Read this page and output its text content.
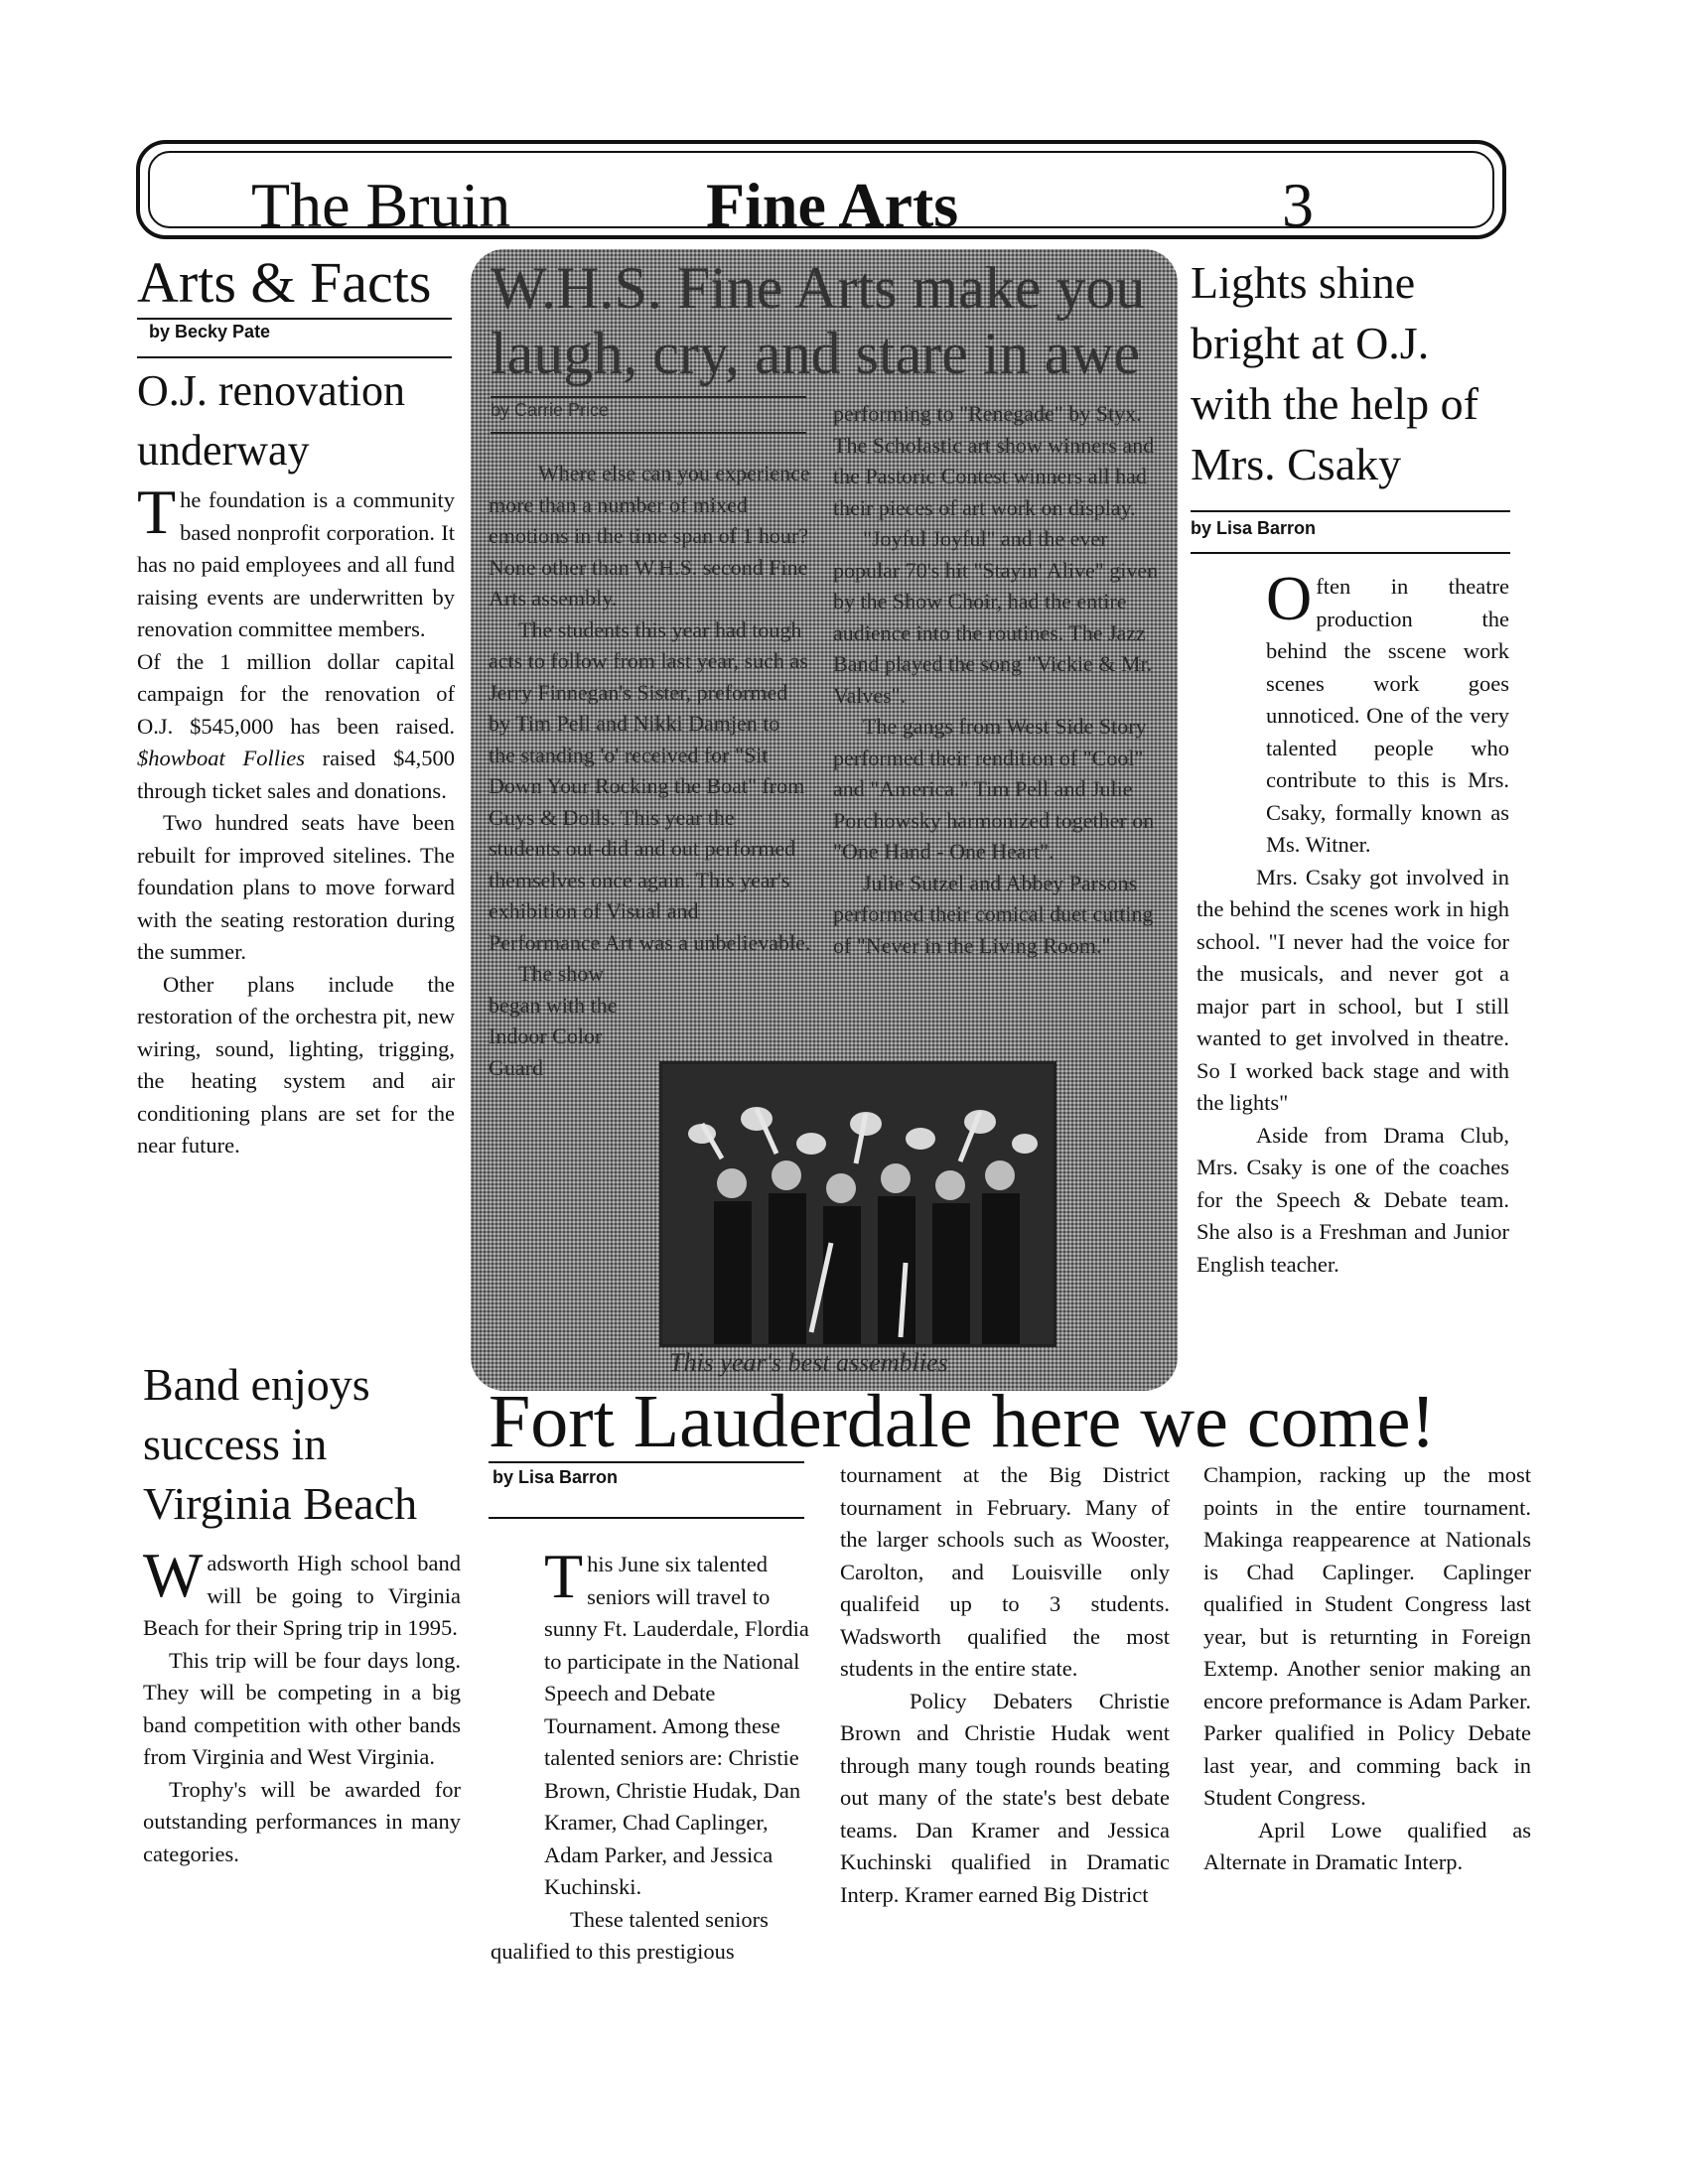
The Bruin	Fine Arts	3
Arts & Facts
by Becky Pate
O.J. renovation
underway

The foundation is a community based nonprofit corporation. It has no paid employees and all fund raising events are underwritten by renovation committee members.

Of the 1 million dollar capital campaign for the renovation of O.J. $545,000 has been raised. $howboat Follies raised $4,500 through ticket sales and donations.

Two hundred seats have been rebuilt for improved sitelines. The foundation plans to move forward with the seating restoration during the summer.

Other plans include the restoration of the orchestra pit, new wiring, sound, lighting, trigging, the heating system and air conditioning plans are set for the near future.

Band enjoys
success in
Virginia Beach

Wadsworth High school band will be going to Virginia Beach for their Spring trip in 1995.

This trip will be four days long. They will be competing in a big band competition with other bands from Virginia and West Virginia.

Trophy's will be awarded for outstanding performances in many categories.

W.H.S. Fine Arts make you
laugh, cry, and stare in awe
by Carrie Price

Where else can you experience more than a number of mixed emotions in the time span of 1 hour? None other than W.H.S. second Fine Arts assembly.

The students this year had tough acts to follow from last year, such as Jerry Finnegan's Sister, preformed by Tim Pell and Nikki Damjen to the standing 'o' received for "Sit Down Your Rocking the Boat" from Guys & Dolls. This year the students out-did and out performed themselves once again. This year's exhibition of Visual and Performance Art was a unbelievable.

The show began with the Indoor Color Guard

performing to "Renegade" by Styx. The Scholastic art show winners and the Pastoric Contest winners all had their pieces of art work on display.

"Joyful Joyful" and the ever popular 70's hit "Stayin' Alive" given by the Show Choir, had the entire audience into the routines. The Jazz Band played the song "Vickie & Mr. Valves".

The gangs from West Side Story performed their rendition of "Cool" and "America." Tim Pell and Julie Porchowsky harmonized together on "One Hand - One Heart".

Julie Sutzel and Abbey Parsons performed their comical duet cutting of "Never in the Living Room."

This year's best assemblies
Lights shine
bright at O.J.
with the help of
Mrs. Csaky
by Lisa Barron

Often in theatre production the behind the sscene work scenes work goes unnoticed. One of the very talented people who contribute to this is Mrs. Csaky, formally known as Ms. Witner.

Mrs. Csaky got involved in the behind the scenes work in high school. "I never had the voice for the musicals, and never got a major part in school, but I still wanted to get involved in theatre. So I worked back stage and with the lights"

Aside from Drama Club, Mrs. Csaky is one of the coaches for the Speech & Debate team. She also is a Freshman and Junior English teacher.

Fort Lauderdale here we come!
by Lisa Barron

This June six talented seniors will travel to sunny Ft. Lauderdale, Flordia to participate in the National Speech and Debate Tournament. Among these talented seniors are: Christie Brown, Christie Hudak, Dan Kramer, Chad Caplinger, Adam Parker, and Jessica Kuchinski.

These talented seniors qualified to this prestigious

tournament at the Big District tournament in February. Many of the larger schools such as Wooster, Carolton, and Louisville only qualifeid up to 3 students. Wadsworth qualified the most students in the entire state.

Policy Debaters Christie Brown and Christie Hudak went through many tough rounds beating out many of the state's best debate teams. Dan Kramer and Jessica Kuchinski qualified in Dramatic Interp. Kramer earned Big District

Champion, racking up the most points in the entire tournament. Makinga reappearence at Nationals is Chad Caplinger. Caplinger qualified in Student Congress last year, but is returnting in Foreign Extemp. Another senior making an encore preformance is Adam Parker. Parker qualified in Policy Debate last year, and comming back in Student Congress.

April Lowe qualified as Alternate in Dramatic Interp.
